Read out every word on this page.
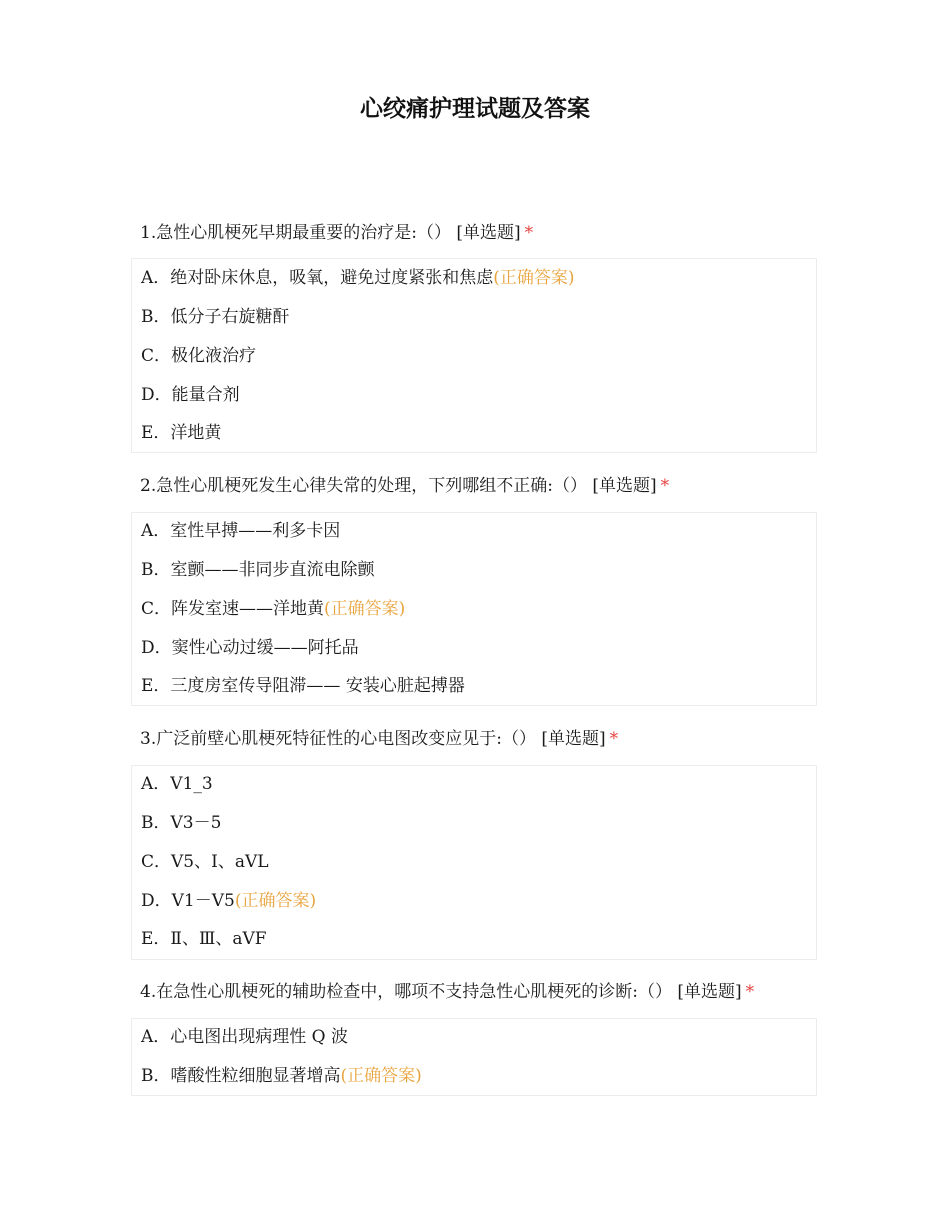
心绞痛护理试题及答案
1.急性心肌梗死早期最重要的治疗是:（） [单选题] *
A．绝对卧床休息，吸氧，避免过度紧张和焦虑(正确答案)
B．低分子右旋糖酐
C．极化液治疗
D．能量合剂
E．洋地黄
2.急性心肌梗死发生心律失常的处理，下列哪组不正确:（） [单选题] *
A．室性早搏——利多卡因
B．室颤——非同步直流电除颤
C．阵发室速——洋地黄(正确答案)
D．窦性心动过缓——阿托品
E．三度房室传导阻滞—— 安装心脏起搏器
3.广泛前壁心肌梗死特征性的心电图改变应见于:（） [单选题] *
A．V1_3
B．V3－5
C．V5、I、aVL
D．V1－V5(正确答案)
E．Ⅱ、Ⅲ、aVF
4.在急性心肌梗死的辅助检查中，哪项不支持急性心肌梗死的诊断:（） [单选题] *
A．心电图出现病理性 Q 波
B．嗜酸性粒细胞显著增高(正确答案)
